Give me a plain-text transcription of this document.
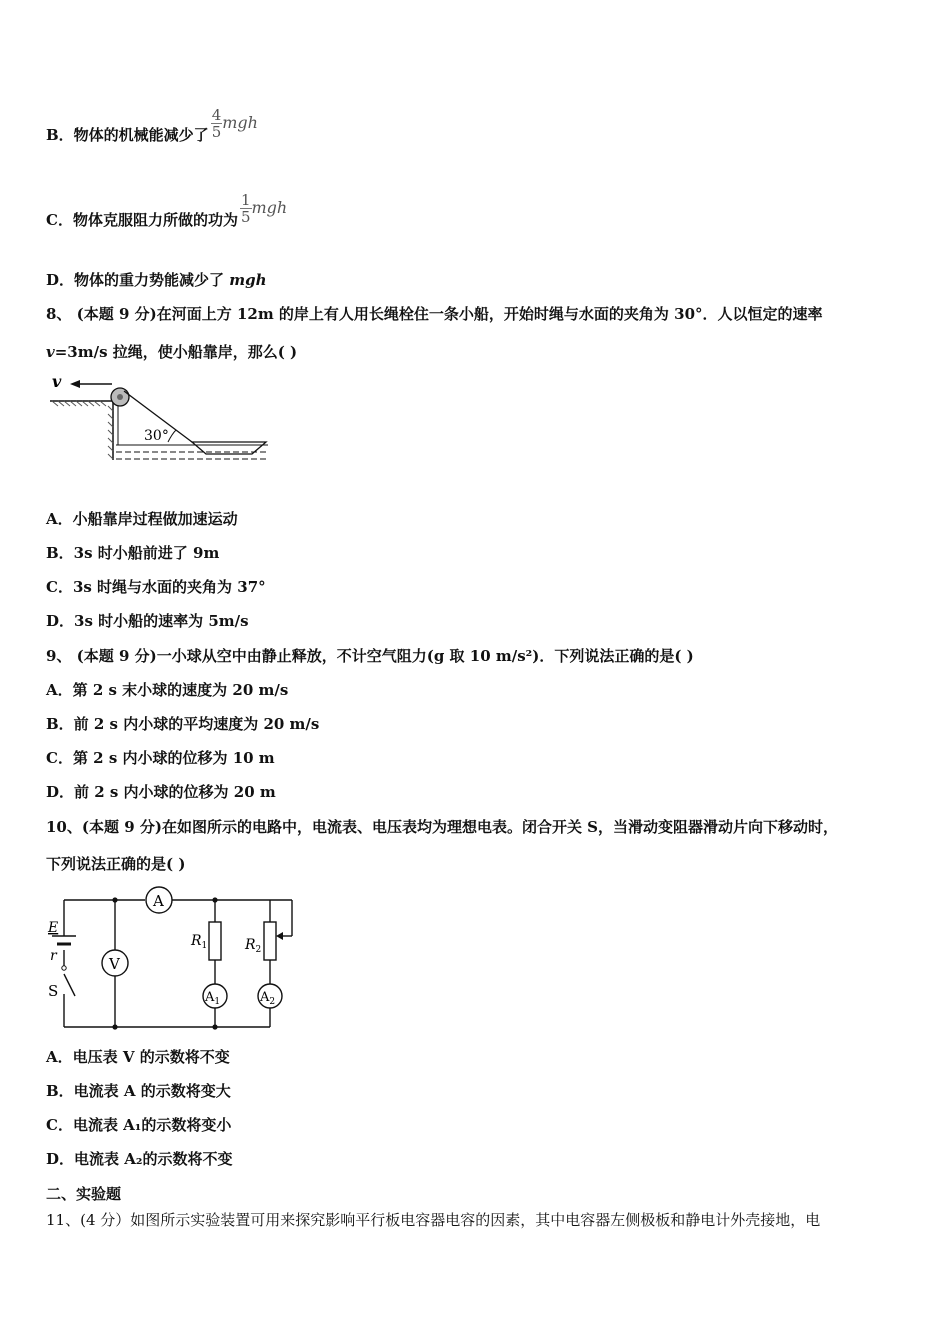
B．物体的机械能减少了 $\frac{4}{5}$ mgh
C．物体克服阻力所做的功为 $\frac{1}{5}$ mgh
D．物体的重力势能减少了 mgh
8、 (本题 9 分)在河面上方 12m 的岸上有人用长绳栓住一条小船，开始时绳与水面的夹角为 30°．人以恒定的速率
v=3m/s 拉绳，使小船靠岸，那么( )
v
30°
A．小船靠岸过程做加速运动
B．3s 时小船前进了 9m
C．3s 时绳与水面的夹角为 37°
D．3s 时小船的速率为 5m/s
9、 (本题 9 分)一小球从空中由静止释放，不计空气阻力(g 取 10 m/s²)．下列说法正确的是( )
A．第 2 s 末小球的速度为 20 m/s
B．前 2 s 内小球的平均速度为 20 m/s
C．第 2 s 内小球的位移为 10 m
D．前 2 s 内小球的位移为 20 m
10、(本题 9 分)在如图所示的电路中，电流表、电压表均为理想电表。闭合开关 S，当滑动变阻器滑动片向下移动时，
下列说法正确的是( )
A
V
$A_1$	$A_2$
$R_1$	$R_2$
E
r
S
A．电压表 V 的示数将不变
B．电流表 A 的示数将变大
C．电流表 A₁的示数将变小
D．电流表 A₂的示数将不变
二、实验题
11、(4 分）如图所示实验装置可用来探究影响平行板电容器电容的因素，其中电容器左侧极板和静电计外壳接地，电
